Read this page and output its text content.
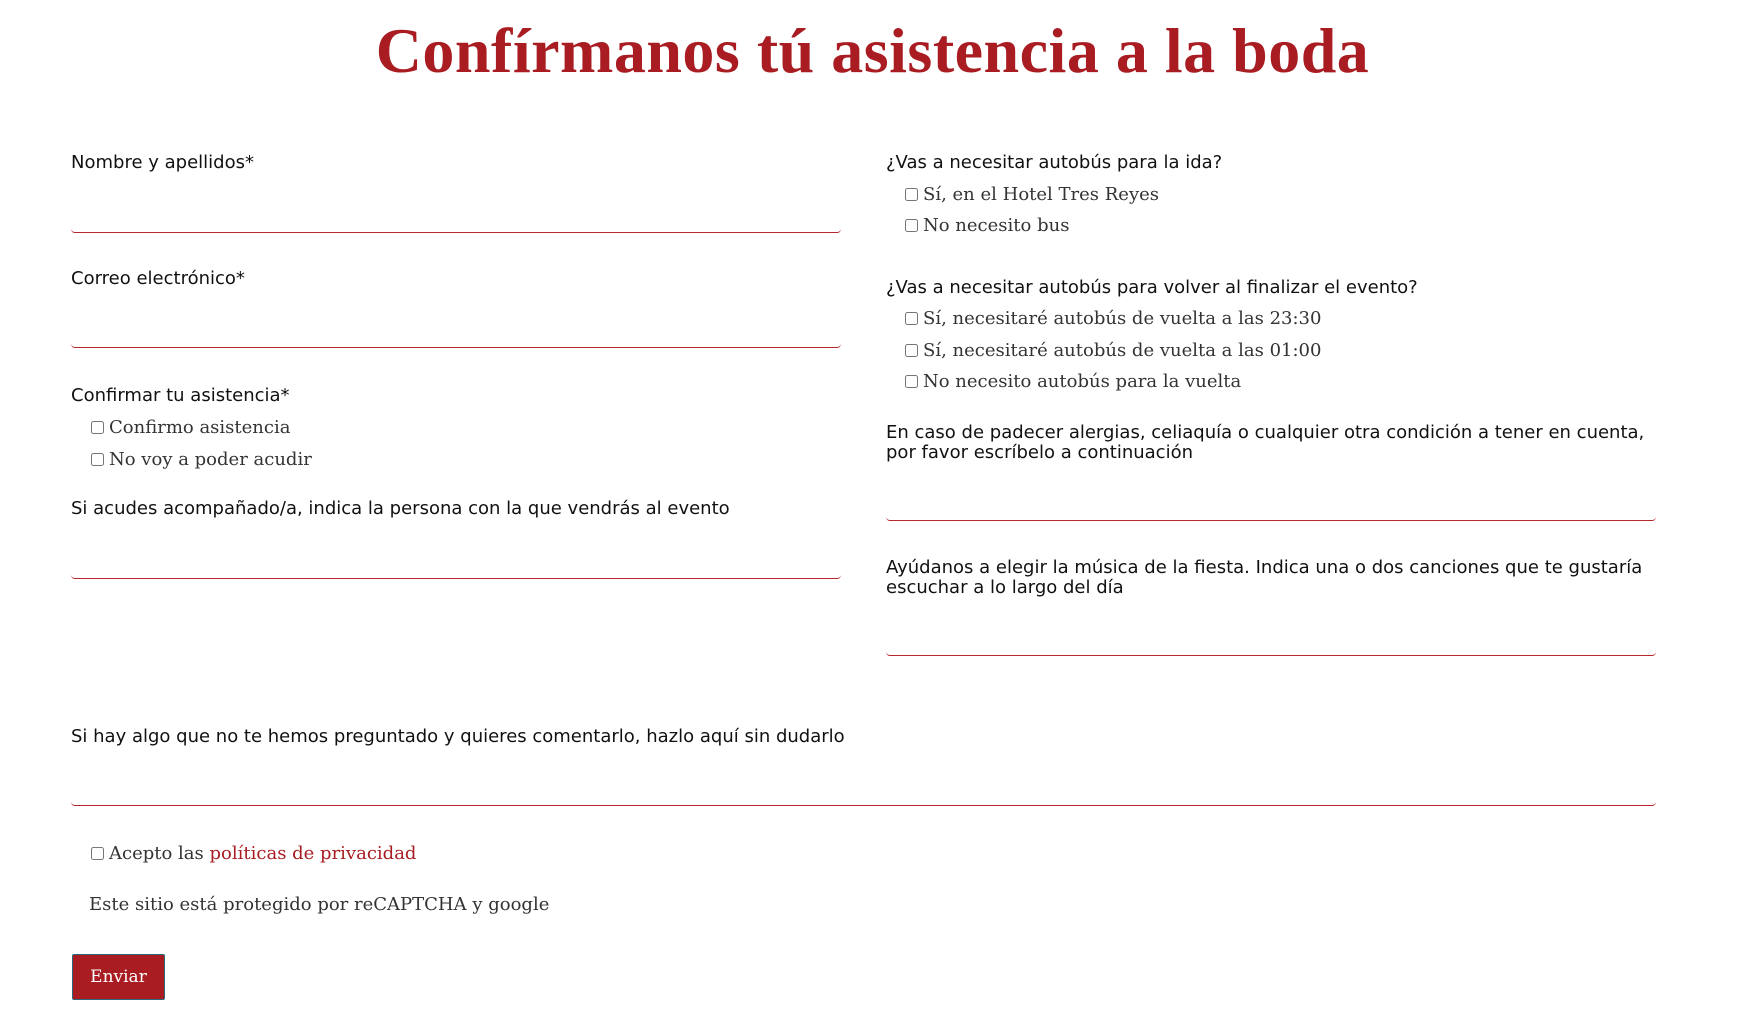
Confírmanos tú asistencia a la boda
Nombre y apellidos*
Correo electrónico*
Confirmar tu asistencia*
Confirmo asistencia
No voy a poder acudir
Si acudes acompañado/a, indica la persona con la que vendrás al evento
¿Vas a necesitar autobús para la ida?
Sí, en el Hotel Tres Reyes
No necesito bus
¿Vas a necesitar autobús para volver al finalizar el evento?
Sí, necesitaré autobús de vuelta a las 23:30
Sí, necesitaré autobús de vuelta a las 01:00
No necesito autobús para la vuelta
En caso de padecer alergias, celiaquía o cualquier otra condición a tener en cuenta, por favor escríbelo a continuación
Ayúdanos a elegir la música de la fiesta. Indica una o dos canciones que te gustaría escuchar a lo largo del día
Si hay algo que no te hemos preguntado y quieres comentarlo, hazlo aquí sin dudarlo
Acepto las
políticas de privacidad
Este sitio está protegido por reCAPTCHA y google
Enviar
